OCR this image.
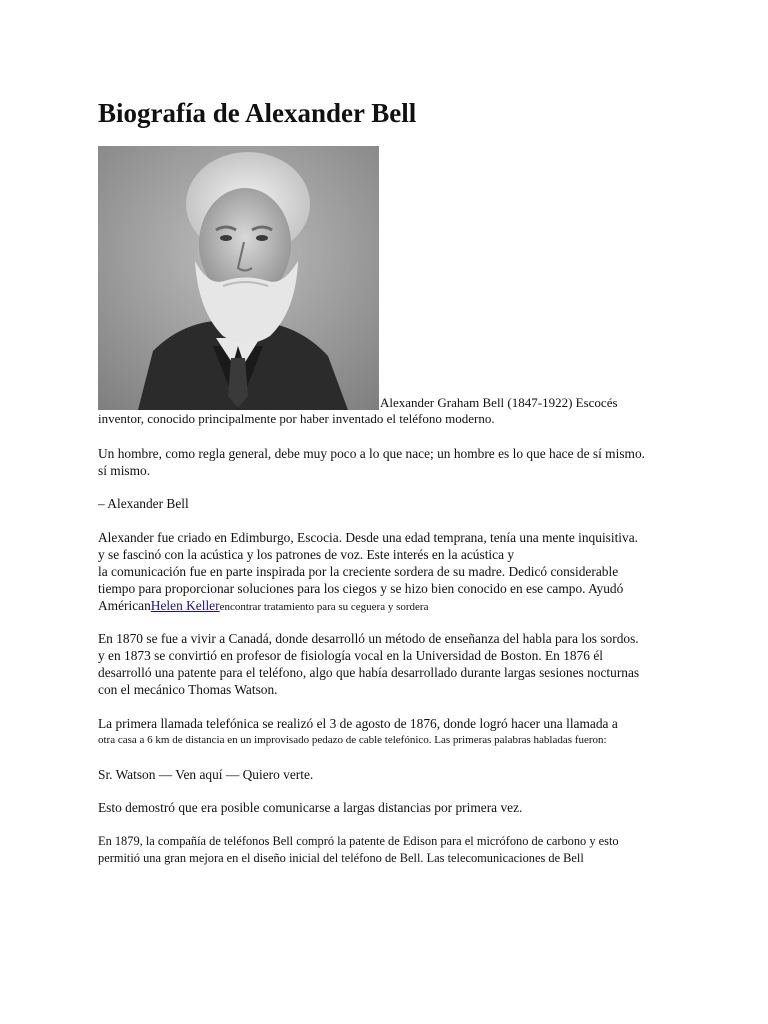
Biografía de Alexander Bell
Alexander Graham Bell (1847-1922) Escocés
inventor, conocido principalmente por haber inventado el teléfono moderno.
Un hombre, como regla general, debe muy poco a lo que nace; un hombre es lo que hace de sí mismo.
sí mismo.
– Alexander Bell
Alexander fue criado en Edimburgo, Escocia. Desde una edad temprana, tenía una mente inquisitiva.
y se fascinó con la acústica y los patrones de voz. Este interés en la acústica y
la comunicación fue en parte inspirada por la creciente sordera de su madre. Dedicó considerable
tiempo para proporcionar soluciones para los ciegos y se hizo bien conocido en ese campo. Ayudó
AméricanHelen Kellerencontrar tratamiento para su ceguera y sordera
En 1870 se fue a vivir a Canadá, donde desarrolló un método de enseñanza del habla para los sordos.
y en 1873 se convirtió en profesor de fisiología vocal en la Universidad de Boston. En 1876 él
desarrolló una patente para el teléfono, algo que había desarrollado durante largas sesiones nocturnas
con el mecánico Thomas Watson.
La primera llamada telefónica se realizó el 3 de agosto de 1876, donde logró hacer una llamada a
otra casa a 6 km de distancia en un improvisado pedazo de cable telefónico. Las primeras palabras habladas fueron:
Sr. Watson — Ven aquí — Quiero verte.
Esto demostró que era posible comunicarse a largas distancias por primera vez.
En 1879, la compañía de teléfonos Bell compró la patente de Edison para el micrófono de carbono y esto
permitió una gran mejora en el diseño inicial del teléfono de Bell. Las telecomunicaciones de Bell
